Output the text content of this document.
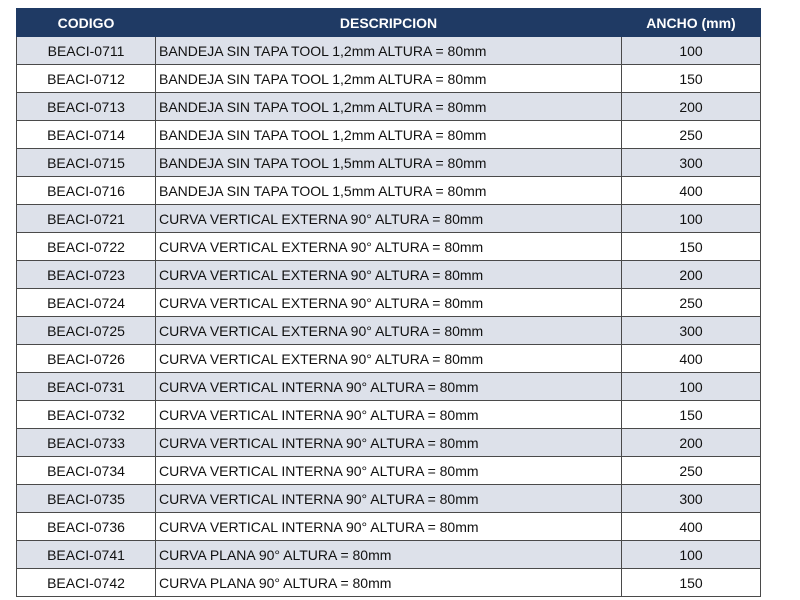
CODIGO	DESCRIPCION	ANCHO (mm)
BEACI-0711	BANDEJA SIN TAPA TOOL 1,2mm ALTURA = 80mm	100
BEACI-0712	BANDEJA SIN TAPA TOOL 1,2mm ALTURA = 80mm	150
BEACI-0713	BANDEJA SIN TAPA TOOL 1,2mm ALTURA = 80mm	200
BEACI-0714	BANDEJA SIN TAPA TOOL 1,2mm ALTURA = 80mm	250
BEACI-0715	BANDEJA SIN TAPA TOOL 1,5mm ALTURA = 80mm	300
BEACI-0716	BANDEJA SIN TAPA TOOL 1,5mm ALTURA = 80mm	400
BEACI-0721	CURVA VERTICAL EXTERNA 90° ALTURA = 80mm	100
BEACI-0722	CURVA VERTICAL EXTERNA 90° ALTURA = 80mm	150
BEACI-0723	CURVA VERTICAL EXTERNA 90° ALTURA = 80mm	200
BEACI-0724	CURVA VERTICAL EXTERNA 90° ALTURA = 80mm	250
BEACI-0725	CURVA VERTICAL EXTERNA 90° ALTURA = 80mm	300
BEACI-0726	CURVA VERTICAL EXTERNA 90° ALTURA = 80mm	400
BEACI-0731	CURVA VERTICAL INTERNA 90° ALTURA = 80mm	100
BEACI-0732	CURVA VERTICAL INTERNA 90° ALTURA = 80mm	150
BEACI-0733	CURVA VERTICAL INTERNA 90° ALTURA = 80mm	200
BEACI-0734	CURVA VERTICAL INTERNA 90° ALTURA = 80mm	250
BEACI-0735	CURVA VERTICAL INTERNA 90° ALTURA = 80mm	300
BEACI-0736	CURVA VERTICAL INTERNA 90° ALTURA = 80mm	400
BEACI-0741	CURVA PLANA 90° ALTURA = 80mm	100
BEACI-0742	CURVA PLANA 90° ALTURA = 80mm	150
